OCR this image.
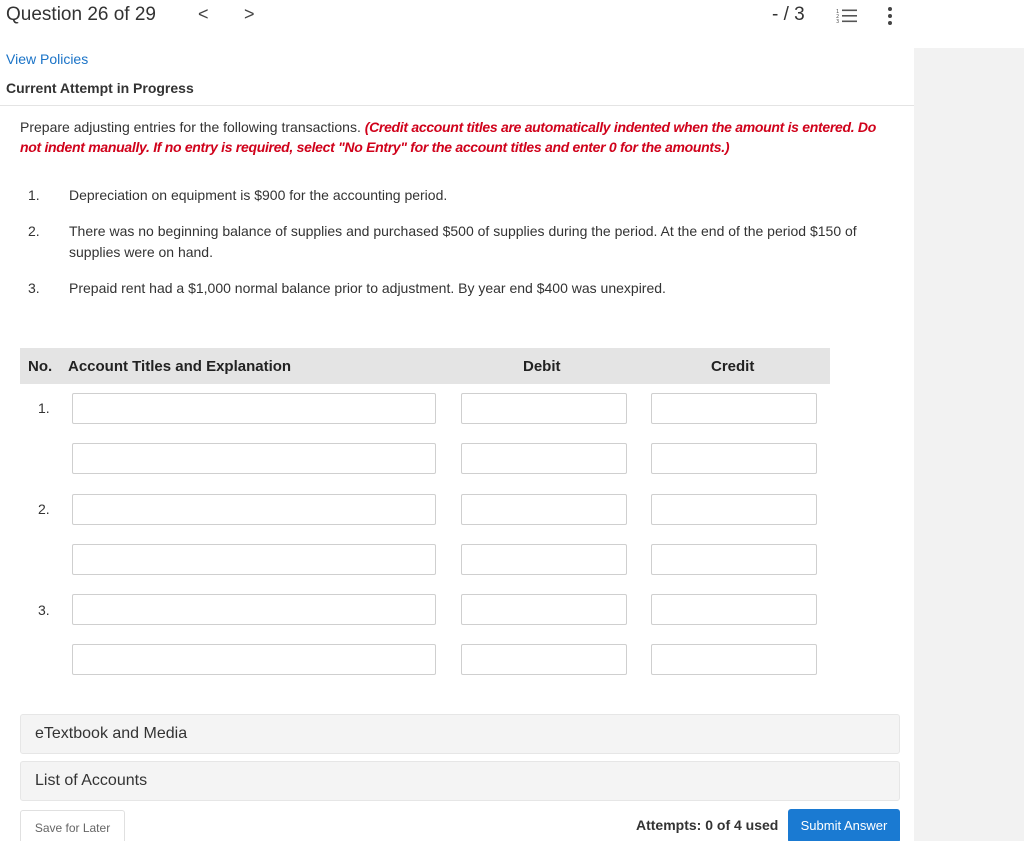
Question 26 of 29 < >	- / 3	1
2
3
View Policies
Current Attempt in Progress
Prepare adjusting entries for the following transactions. (Credit account titles are automatically indented when the amount is entered. Do not indent manually. If no entry is required, select "No Entry" for the account titles and enter 0 for the amounts.)
1. Depreciation on equipment is $900 for the accounting period.
2. There was no beginning balance of supplies and purchased $500 of supplies during the period. At the end of the period $150 of supplies were on hand.
3. Prepaid rent had a $1,000 normal balance prior to adjustment. By year end $400 was unexpired.
No. Account Titles and Explanation	Debit	Credit
1.
2.
3.
eTextbook and Media
List of Accounts
Save for Later	Attempts: 0 of 4 used	Submit Answer
